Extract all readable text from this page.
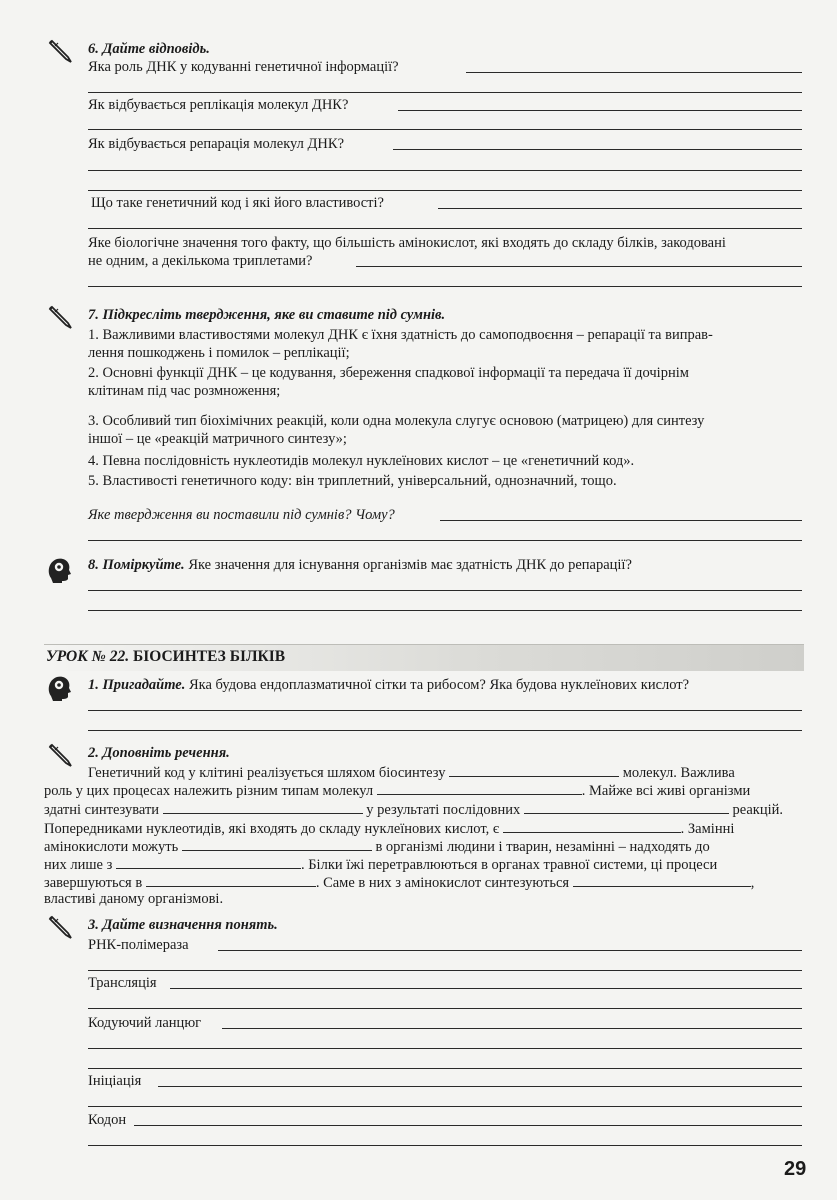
6. Дайте відповідь.
Яка роль ДНК у кодуванні генетичної інформації?
Як відбувається реплікація молекул ДНК?
Як відбувається репарація молекул ДНК?
Що таке генетичний код і які його властивості?
Яке біологічне значення того факту, що більшість амінокислот, які входять до складу білків, закодовані
не одним, а декількома триплетами?
7. Підкресліть твердження, яке ви ставите під сумнів.
1. Важливими властивостями молекул ДНК є їхня здатність до самоподвоєння – репарації та виправ-
лення пошкоджень і помилок – реплікації;
2. Основні функції ДНК – це кодування, збереження спадкової інформації та передача її дочірнім
клітинам під час розмноження;
3. Особливий тип біохімічних реакцій, коли одна молекула слугує основою (матрицею) для синтезу
іншої – це «реакцій матричного синтезу»;
4. Певна послідовність нуклеотидів молекул нуклеїнових кислот – це «генетичний код».
5. Властивості генетичного коду: він триплетний, універсальний, однозначний, тощо.
Яке твердження ви поставили під сумнів? Чому?
8. Поміркуйте. Яке значення для існування організмів має здатність ДНК до репарації?
УРОК № 22. БІОСИНТЕЗ БІЛКІВ
1. Пригадайте. Яка будова ендоплазматичної сітки та рибосом? Яка будова нуклеїнових кислот?
2. Доповніть речення.
Генетичний код у клітині реалізується шляхом біосинтезу	молекул. Важлива
роль у цих процесах належить різним типам молекул	. Майже всі живі організми
здатні синтезувати	у результаті послідовних	реакцій.
Попередниками нуклеотидів, які входять до складу нуклеїнових кислот, є	. Замінні
амінокислоти можуть	в організмі людини і тварин, незамінні – надходять до
них лише з	. Білки їжі перетравлюються в органах травної системи, ці процеси
завершуються в	. Саме в них з амінокислот синтезуються	,
властиві даному організмові.
3. Дайте визначення понять.
РНК-полімераза
Трансляція
Кодуючий ланцюг
Ініціація
Кодон
29
